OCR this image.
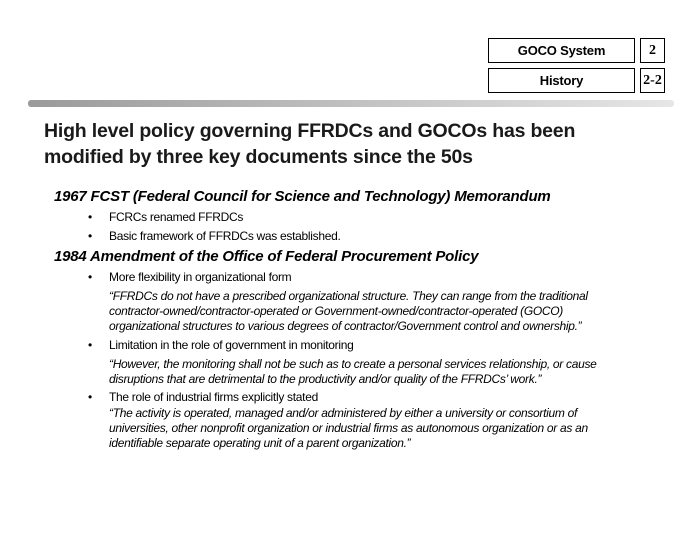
GOCO System	2
History	2-2
High level policy governing FFRDCs and GOCOs has been
modified by three key documents since the 50s
1967 FCST (Federal Council for Science and Technology) Memorandum
• FCRCs renamed FFRDCs
• Basic framework of FFRDCs was established.
1984 Amendment of the Office of Federal Procurement Policy
• More flexibility in organizational form
“FFRDCs do not have a prescribed organizational structure. They can range from the traditional
contractor-owned/contractor-operated or Government-owned/contractor-operated (GOCO)
organizational structures to various degrees of contractor/Government control and ownership.”
• Limitation in the role of government in monitoring
“However, the monitoring shall not be such as to create a personal services relationship, or cause
disruptions that are detrimental to the productivity and/or quality of the FFRDCs’ work.”
• The role of industrial firms explicitly stated
“The activity is operated, managed and/or administered by either a university or consortium of
universities, other nonprofit organization or industrial firms as autonomous organization or as an
identifiable separate operating unit of a parent organization.”
